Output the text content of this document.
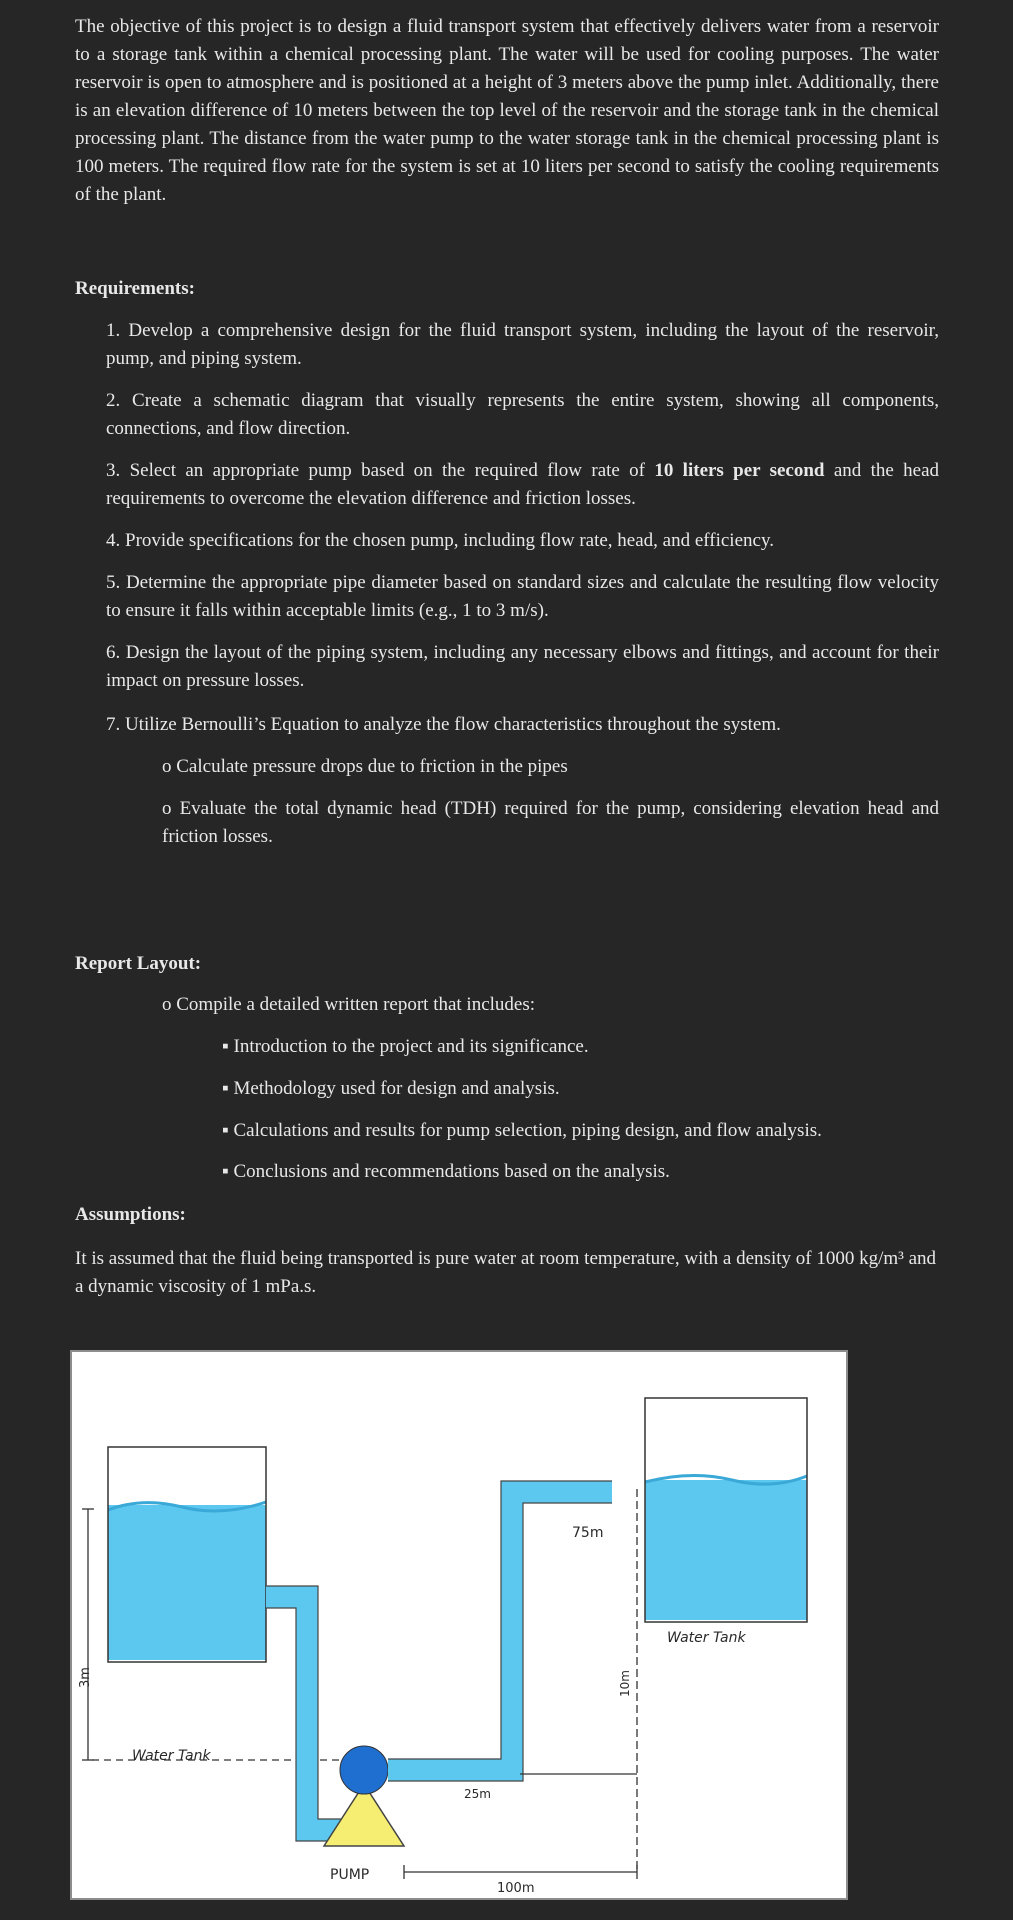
The objective of this project is to design a fluid transport system that effectively delivers water from a reservoir to a storage tank within a chemical processing plant. The water will be used for cooling purposes. The water reservoir is open to atmosphere and is positioned at a height of 3 meters above the pump inlet. Additionally, there is an elevation difference of 10 meters between the top level of the reservoir and the storage tank in the chemical processing plant. The distance from the water pump to the water storage tank in the chemical processing plant is 100 meters. The required flow rate for the system is set at 10 liters per second to satisfy the cooling requirements of the plant.
Requirements:
1. Develop a comprehensive design for the fluid transport system, including the layout of the reservoir, pump, and piping system.
2. Create a schematic diagram that visually represents the entire system, showing all components, connections, and flow direction.
3. Select an appropriate pump based on the required flow rate of 10 liters per second and the head requirements to overcome the elevation difference and friction losses.
4. Provide specifications for the chosen pump, including flow rate, head, and efficiency.
5. Determine the appropriate pipe diameter based on standard sizes and calculate the resulting flow velocity to ensure it falls within acceptable limits (e.g., 1 to 3 m/s).
6. Design the layout of the piping system, including any necessary elbows and fittings, and account for their impact on pressure losses.
7. Utilize Bernoulli’s Equation to analyze the flow characteristics throughout the system.
o Calculate pressure drops due to friction in the pipes
o Evaluate the total dynamic head (TDH) required for the pump, considering elevation head and friction losses.
Report Layout:
o Compile a detailed written report that includes:
▪ Introduction to the project and its significance.
▪ Methodology used for design and analysis.
▪ Calculations and results for pump selection, piping design, and flow analysis.
▪ Conclusions and recommendations based on the analysis.
Assumptions:
It is assumed that the fluid being transported is pure water at room temperature, with a density of 1000 kg/m³ and a dynamic viscosity of 1 mPa.s.
3m
Water Tank
PUMP
25m
75m
Water Tank
10m
100m
